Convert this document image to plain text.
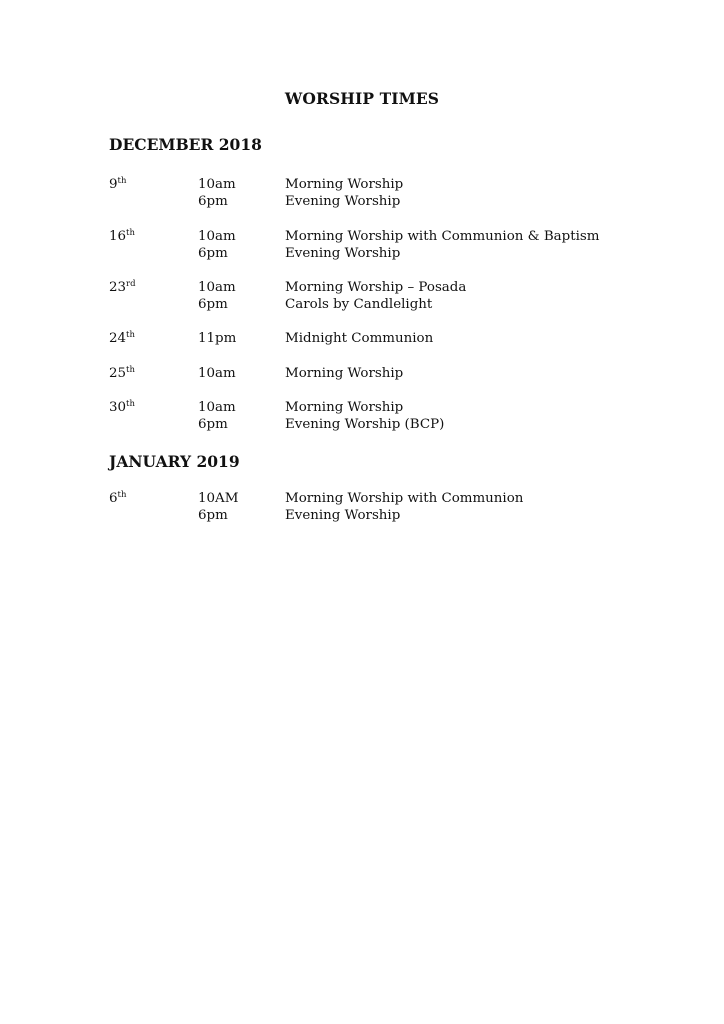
WORSHIP TIMES
DECEMBER 2018
9th	10am	Morning Worship
6pm	Evening Worship
16th	10am	Morning Worship with Communion & Baptism
6pm	Evening Worship
23rd	10am	Morning Worship – Posada
6pm	Carols by Candlelight
24th	11pm	Midnight Communion
25th	10am	Morning Worship
30th	10am	Morning Worship
6pm	Evening Worship (BCP)
JANUARY 2019
6th	10AM	Morning Worship with Communion
6pm	Evening Worship
